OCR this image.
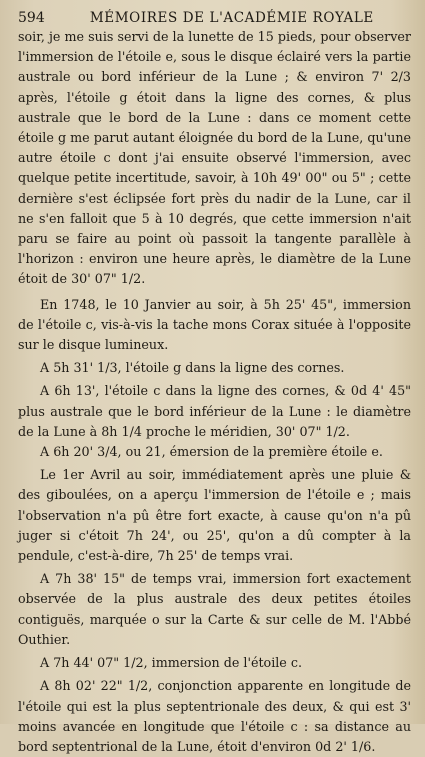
594	MÉMOIRES DE L'ACADÉMIE ROYALE

soir, je me suis servi de la lunette de 15 pieds, pour observer l'immersion de l'étoile e, sous le disque éclairé vers la partie australe ou bord inférieur de la Lune ; & environ 7' 2/3 après, l'étoile g étoit dans la ligne des cornes, & plus australe que le bord de la Lune : dans ce moment cette étoile g me parut autant éloignée du bord de la Lune, qu'une autre étoile c dont j'ai ensuite observé l'immersion, avec quelque petite incertitude, savoir, à 10h 49' 00" ou 5" ; cette dernière s'est éclipsée fort près du nadir de la Lune, car il ne s'en falloit que 5 à 10 degrés, que cette immersion n'ait paru se faire au point où passoit la tangente parallèle à l'horizon : environ une heure après, le diamètre de la Lune étoit de 30' 07" 1/2.

En 1748, le 10 Janvier au soir, à 5h 25' 45", immersion de l'étoile c, vis-à-vis la tache mons Corax située à l'opposite sur le disque lumineux.

A 5h 31' 1/3, l'étoile g dans la ligne des cornes.

A 6h 13', l'étoile c dans la ligne des cornes, & 0d 4' 45" plus australe que le bord inférieur de la Lune : le diamètre de la Lune à 8h 1/4 proche le méridien, 30' 07" 1/2.

A 6h 20' 3/4, ou 21, émersion de la première étoile e.

Le 1er Avril au soir, immédiatement après une pluie & des giboulées, on a aperçu l'immersion de l'étoile e ; mais l'observation n'a pû être fort exacte, à cause qu'on n'a pû juger si c'étoit 7h 24', ou 25', qu'on a dû compter à la pendule, c'est-à-dire, 7h 25' de temps vrai.

A 7h 38' 15" de temps vrai, immersion fort exactement observée de la plus australe des deux petites étoiles contiguës, marquée o sur la Carte & sur celle de M. l'Abbé Outhier.

A 7h 44' 07" 1/2, immersion de l'étoile c.

A 8h 02' 22" 1/2, conjonction apparente en longitude de l'étoile qui est la plus septentrionale des deux, & qui est 3' moins avancée en longitude que l'étoile c : sa distance au bord septentrional de la Lune, étoit d'environ 0d 2' 1/6.
